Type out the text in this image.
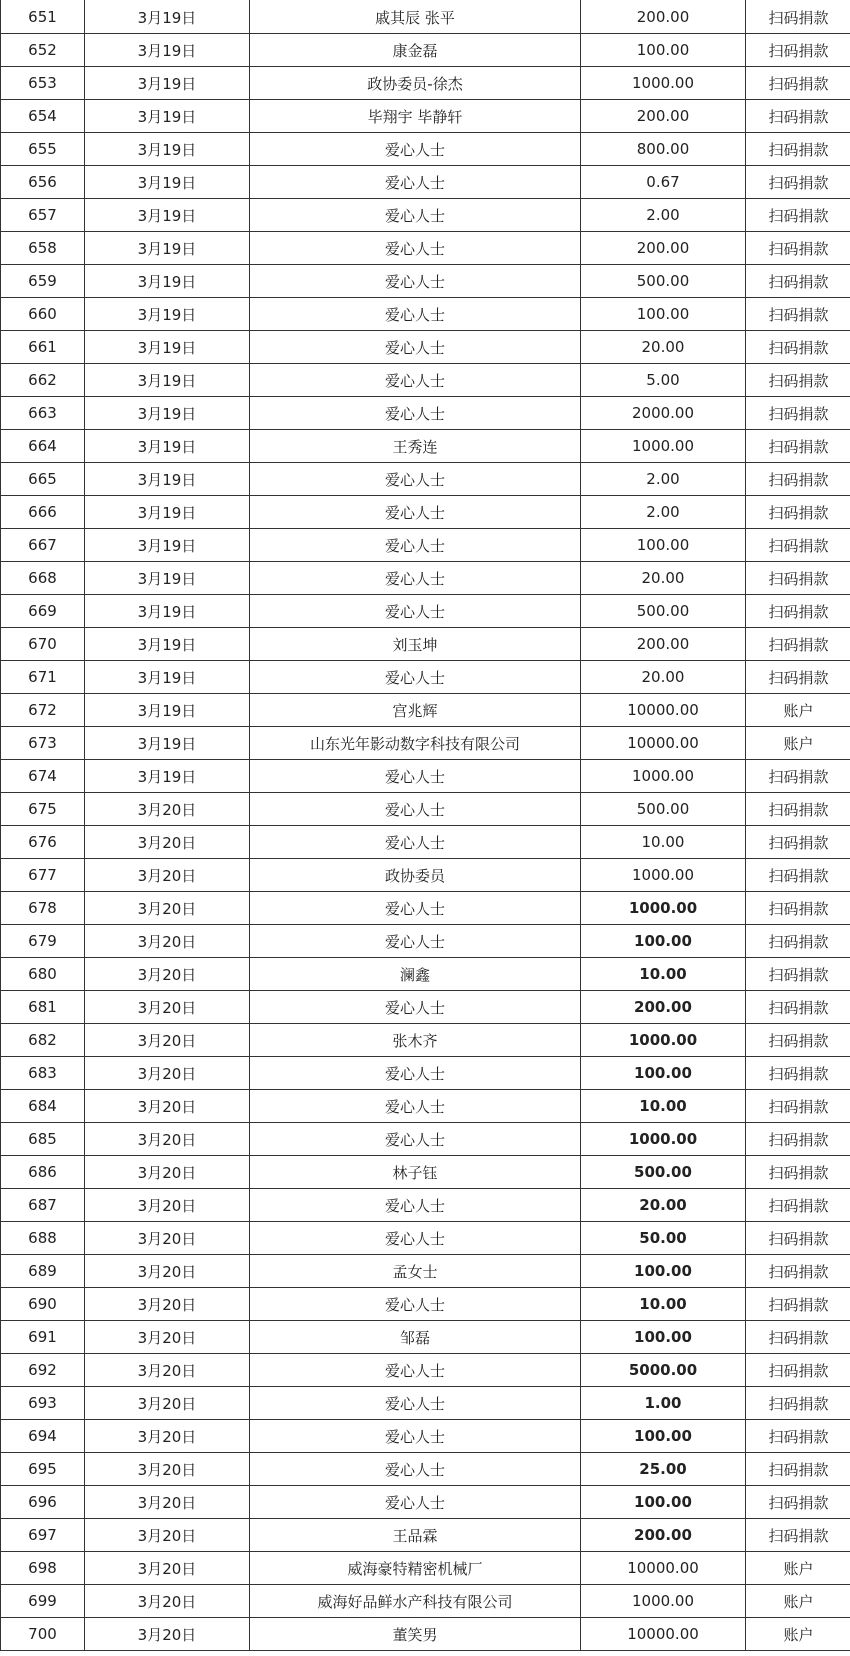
651	3月19日	戚其辰 张平	200.00	扫码捐款
652	3月19日	康金磊	100.00	扫码捐款
653	3月19日	政协委员-徐杰	1000.00	扫码捐款
654	3月19日	毕翔宇 毕静轩	200.00	扫码捐款
655	3月19日	爱心人士	800.00	扫码捐款
656	3月19日	爱心人士	0.67	扫码捐款
657	3月19日	爱心人士	2.00	扫码捐款
658	3月19日	爱心人士	200.00	扫码捐款
659	3月19日	爱心人士	500.00	扫码捐款
660	3月19日	爱心人士	100.00	扫码捐款
661	3月19日	爱心人士	20.00	扫码捐款
662	3月19日	爱心人士	5.00	扫码捐款
663	3月19日	爱心人士	2000.00	扫码捐款
664	3月19日	王秀连	1000.00	扫码捐款
665	3月19日	爱心人士	2.00	扫码捐款
666	3月19日	爱心人士	2.00	扫码捐款
667	3月19日	爱心人士	100.00	扫码捐款
668	3月19日	爱心人士	20.00	扫码捐款
669	3月19日	爱心人士	500.00	扫码捐款
670	3月19日	刘玉坤	200.00	扫码捐款
671	3月19日	爱心人士	20.00	扫码捐款
672	3月19日	宫兆辉	10000.00	账户
673	3月19日	山东光年影动数字科技有限公司	10000.00	账户
674	3月19日	爱心人士	1000.00	扫码捐款
675	3月20日	爱心人士	500.00	扫码捐款
676	3月20日	爱心人士	10.00	扫码捐款
677	3月20日	政协委员	1000.00	扫码捐款
678	3月20日	爱心人士	1000.00	扫码捐款
679	3月20日	爱心人士	100.00	扫码捐款
680	3月20日	澜鑫	10.00	扫码捐款
681	3月20日	爱心人士	200.00	扫码捐款
682	3月20日	张木齐	1000.00	扫码捐款
683	3月20日	爱心人士	100.00	扫码捐款
684	3月20日	爱心人士	10.00	扫码捐款
685	3月20日	爱心人士	1000.00	扫码捐款
686	3月20日	林子钰	500.00	扫码捐款
687	3月20日	爱心人士	20.00	扫码捐款
688	3月20日	爱心人士	50.00	扫码捐款
689	3月20日	孟女士	100.00	扫码捐款
690	3月20日	爱心人士	10.00	扫码捐款
691	3月20日	邹磊	100.00	扫码捐款
692	3月20日	爱心人士	5000.00	扫码捐款
693	3月20日	爱心人士	1.00	扫码捐款
694	3月20日	爱心人士	100.00	扫码捐款
695	3月20日	爱心人士	25.00	扫码捐款
696	3月20日	爱心人士	100.00	扫码捐款
697	3月20日	王品霖	200.00	扫码捐款
698	3月20日	威海豪特精密机械厂	10000.00	账户
699	3月20日	威海好品鲜水产科技有限公司	1000.00	账户
700	3月20日	董笑男	10000.00	账户
